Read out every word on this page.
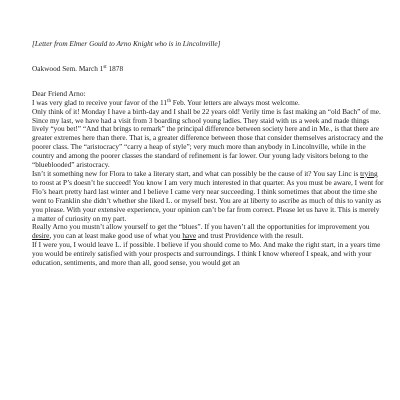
[Letter from Elmer Gould to Arno Knight who is in Lincolnville]

Oakwood Sem. March 1st 1878

Dear Friend Arno:

I was very glad to receive your favor of the 11th Feb. Your letters are always most welcome.

Only think of it! Monday I have a birth-day and I shall be 22 years old! Verily time is fast making an “old Bach” of me. Since my last, we have had a visit from 3 boarding school young ladies. They staid with us a week and made things lively “you bet!” “And that brings to remark” the principal difference between society here and in Me., is that there are greater extremes here than there. That is, a greater difference between those that consider themselves aristocracy and the poorer class. The “aristocracy” “carry a heap of style”; very much more than anybody in Lincolnville, while in the country and among the poorer classes the standard of refinement is far lower. Our young lady visitors belong to the “blueblooded” aristocracy.

Isn’t it something new for Flora to take a literary start, and what can possibly be the cause of it? You say Linc is trying to roost at P’s doesn’t he succeed! You know I am very much interested in that quarter. As you must be aware, I went for Flo’s heart pretty hard last winter and I believe I came very near succeeding. I think sometimes that about the time she went to Franklin she didn’t whether she liked L. or myself best. You are at liberty to ascribe as much of this to vanity as you please. With your extensive experience, your opinion can’t be far from correct. Please let us have it. This is merely a matter of curiosity on my part.

Really Arno you mustn’t allow yourself to get the “blues”. If you haven’t all the opportunities for improvement you desire, you can at least make good use of what you have and trust Providence with the result.

If I were you, I would leave L. if possible. I believe if you should come to Mo. And make the right start, in a years time you would be entirely satisfied with your prospects and surroundings. I think I know whereof I speak, and with your education, sentiments, and more than all, good sense, you would get an
